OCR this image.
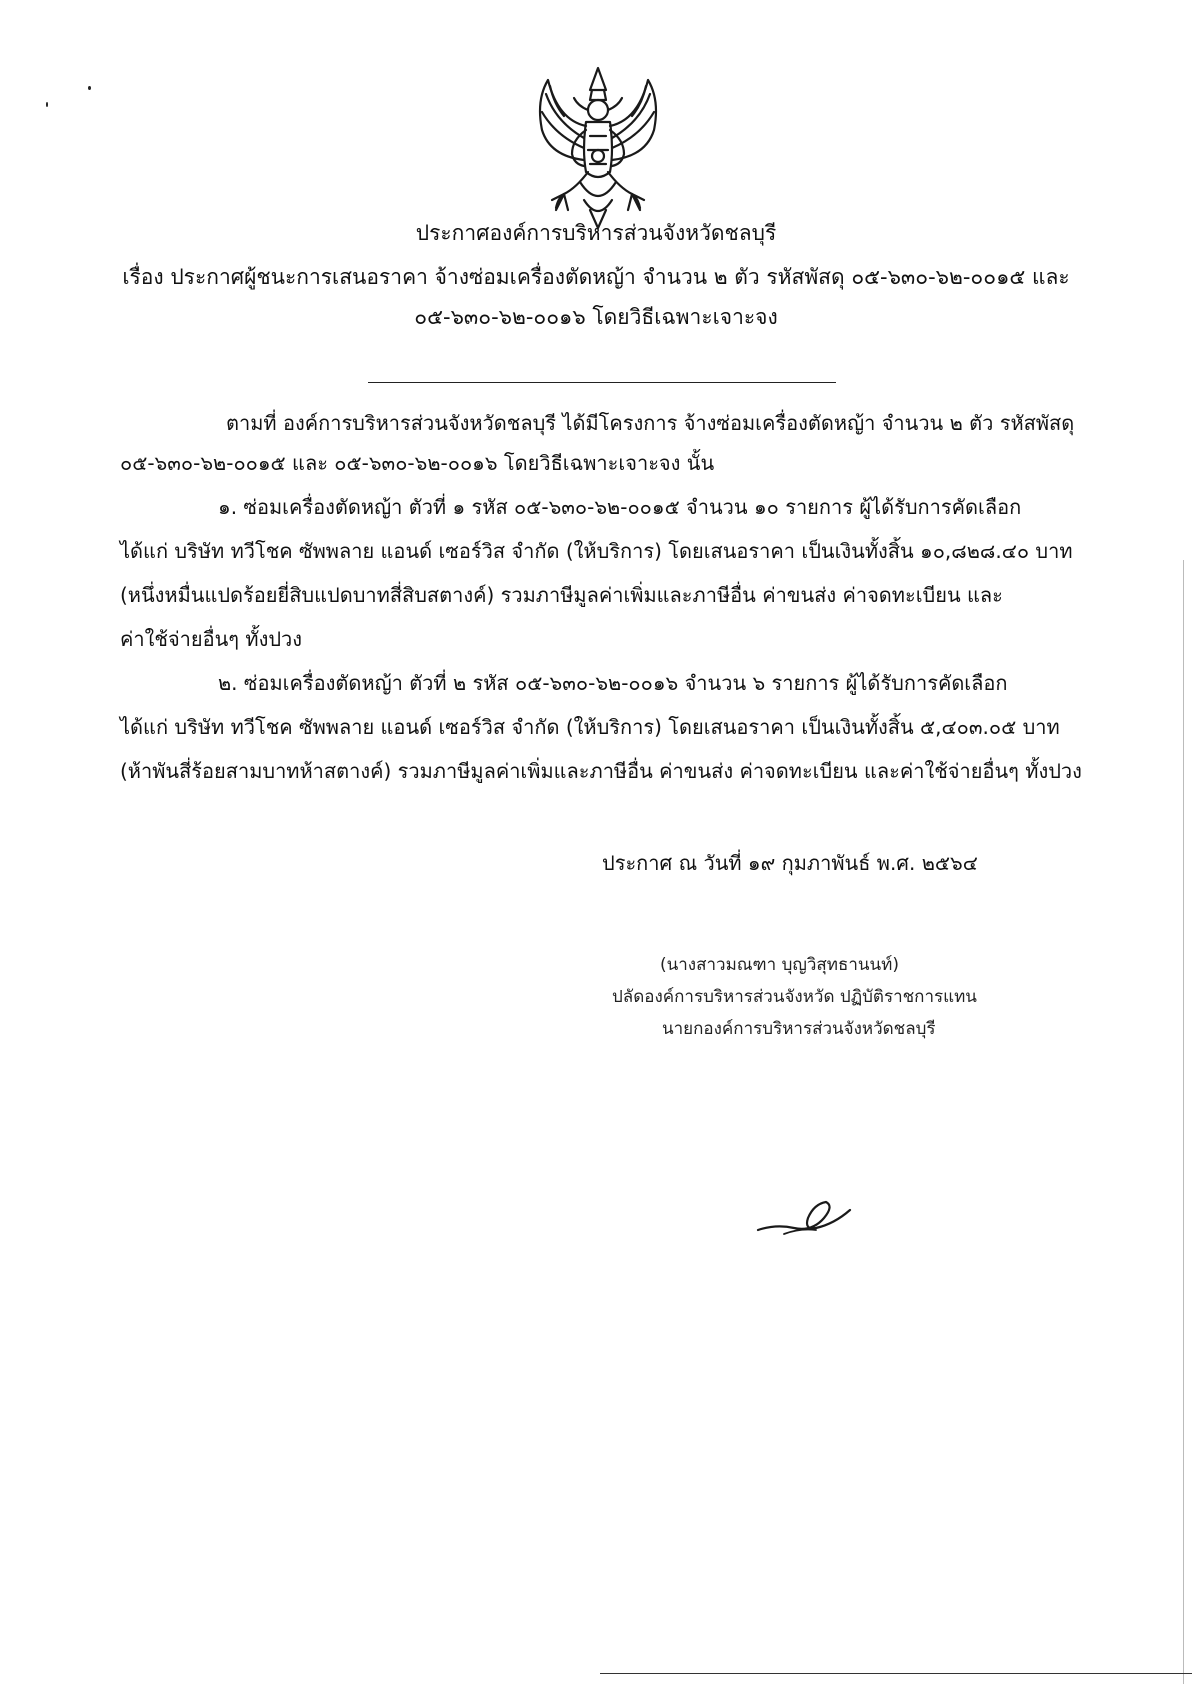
ประกาศองค์การบริหารส่วนจังหวัดชลบุรี
เรื่อง ประกาศผู้ชนะการเสนอราคา จ้างซ่อมเครื่องตัดหญ้า จำนวน ๒ ตัว รหัสพัสดุ ๐๕-๖๓๐-๖๒-๐๐๑๕ และ
๐๕-๖๓๐-๖๒-๐๐๑๖ โดยวิธีเฉพาะเจาะจง
ตามที่ องค์การบริหารส่วนจังหวัดชลบุรี ได้มีโครงการ จ้างซ่อมเครื่องตัดหญ้า จำนวน ๒ ตัว รหัสพัสดุ
๐๕-๖๓๐-๖๒-๐๐๑๕ และ ๐๕-๖๓๐-๖๒-๐๐๑๖ โดยวิธีเฉพาะเจาะจง นั้น
๑. ซ่อมเครื่องตัดหญ้า ตัวที่ ๑ รหัส ๐๕-๖๓๐-๖๒-๐๐๑๕ จำนวน ๑๐ รายการ ผู้ได้รับการคัดเลือก
ได้แก่ บริษัท ทวีโชค ซัพพลาย แอนด์ เซอร์วิส จำกัด (ให้บริการ) โดยเสนอราคา เป็นเงินทั้งสิ้น ๑๐,๘๒๘.๔๐ บาท
(หนึ่งหมื่นแปดร้อยยี่สิบแปดบาทสี่สิบสตางค์) รวมภาษีมูลค่าเพิ่มและภาษีอื่น ค่าขนส่ง ค่าจดทะเบียน และ
ค่าใช้จ่ายอื่นๆ ทั้งปวง
๒. ซ่อมเครื่องตัดหญ้า ตัวที่ ๒ รหัส ๐๕-๖๓๐-๖๒-๐๐๑๖ จำนวน ๖ รายการ ผู้ได้รับการคัดเลือก
ได้แก่ บริษัท ทวีโชค ซัพพลาย แอนด์ เซอร์วิส จำกัด (ให้บริการ) โดยเสนอราคา เป็นเงินทั้งสิ้น ๕,๔๐๓.๐๕ บาท
(ห้าพันสี่ร้อยสามบาทห้าสตางค์) รวมภาษีมูลค่าเพิ่มและภาษีอื่น ค่าขนส่ง ค่าจดทะเบียน และค่าใช้จ่ายอื่นๆ ทั้งปวง
ประกาศ ณ วันที่ ๑๙ กุมภาพันธ์ พ.ศ. ๒๕๖๔
(นางสาวมณฑา บุญวิสุทธานนท์)
ปลัดองค์การบริหารส่วนจังหวัด ปฏิบัติราชการแทน
นายกองค์การบริหารส่วนจังหวัดชลบุรี
